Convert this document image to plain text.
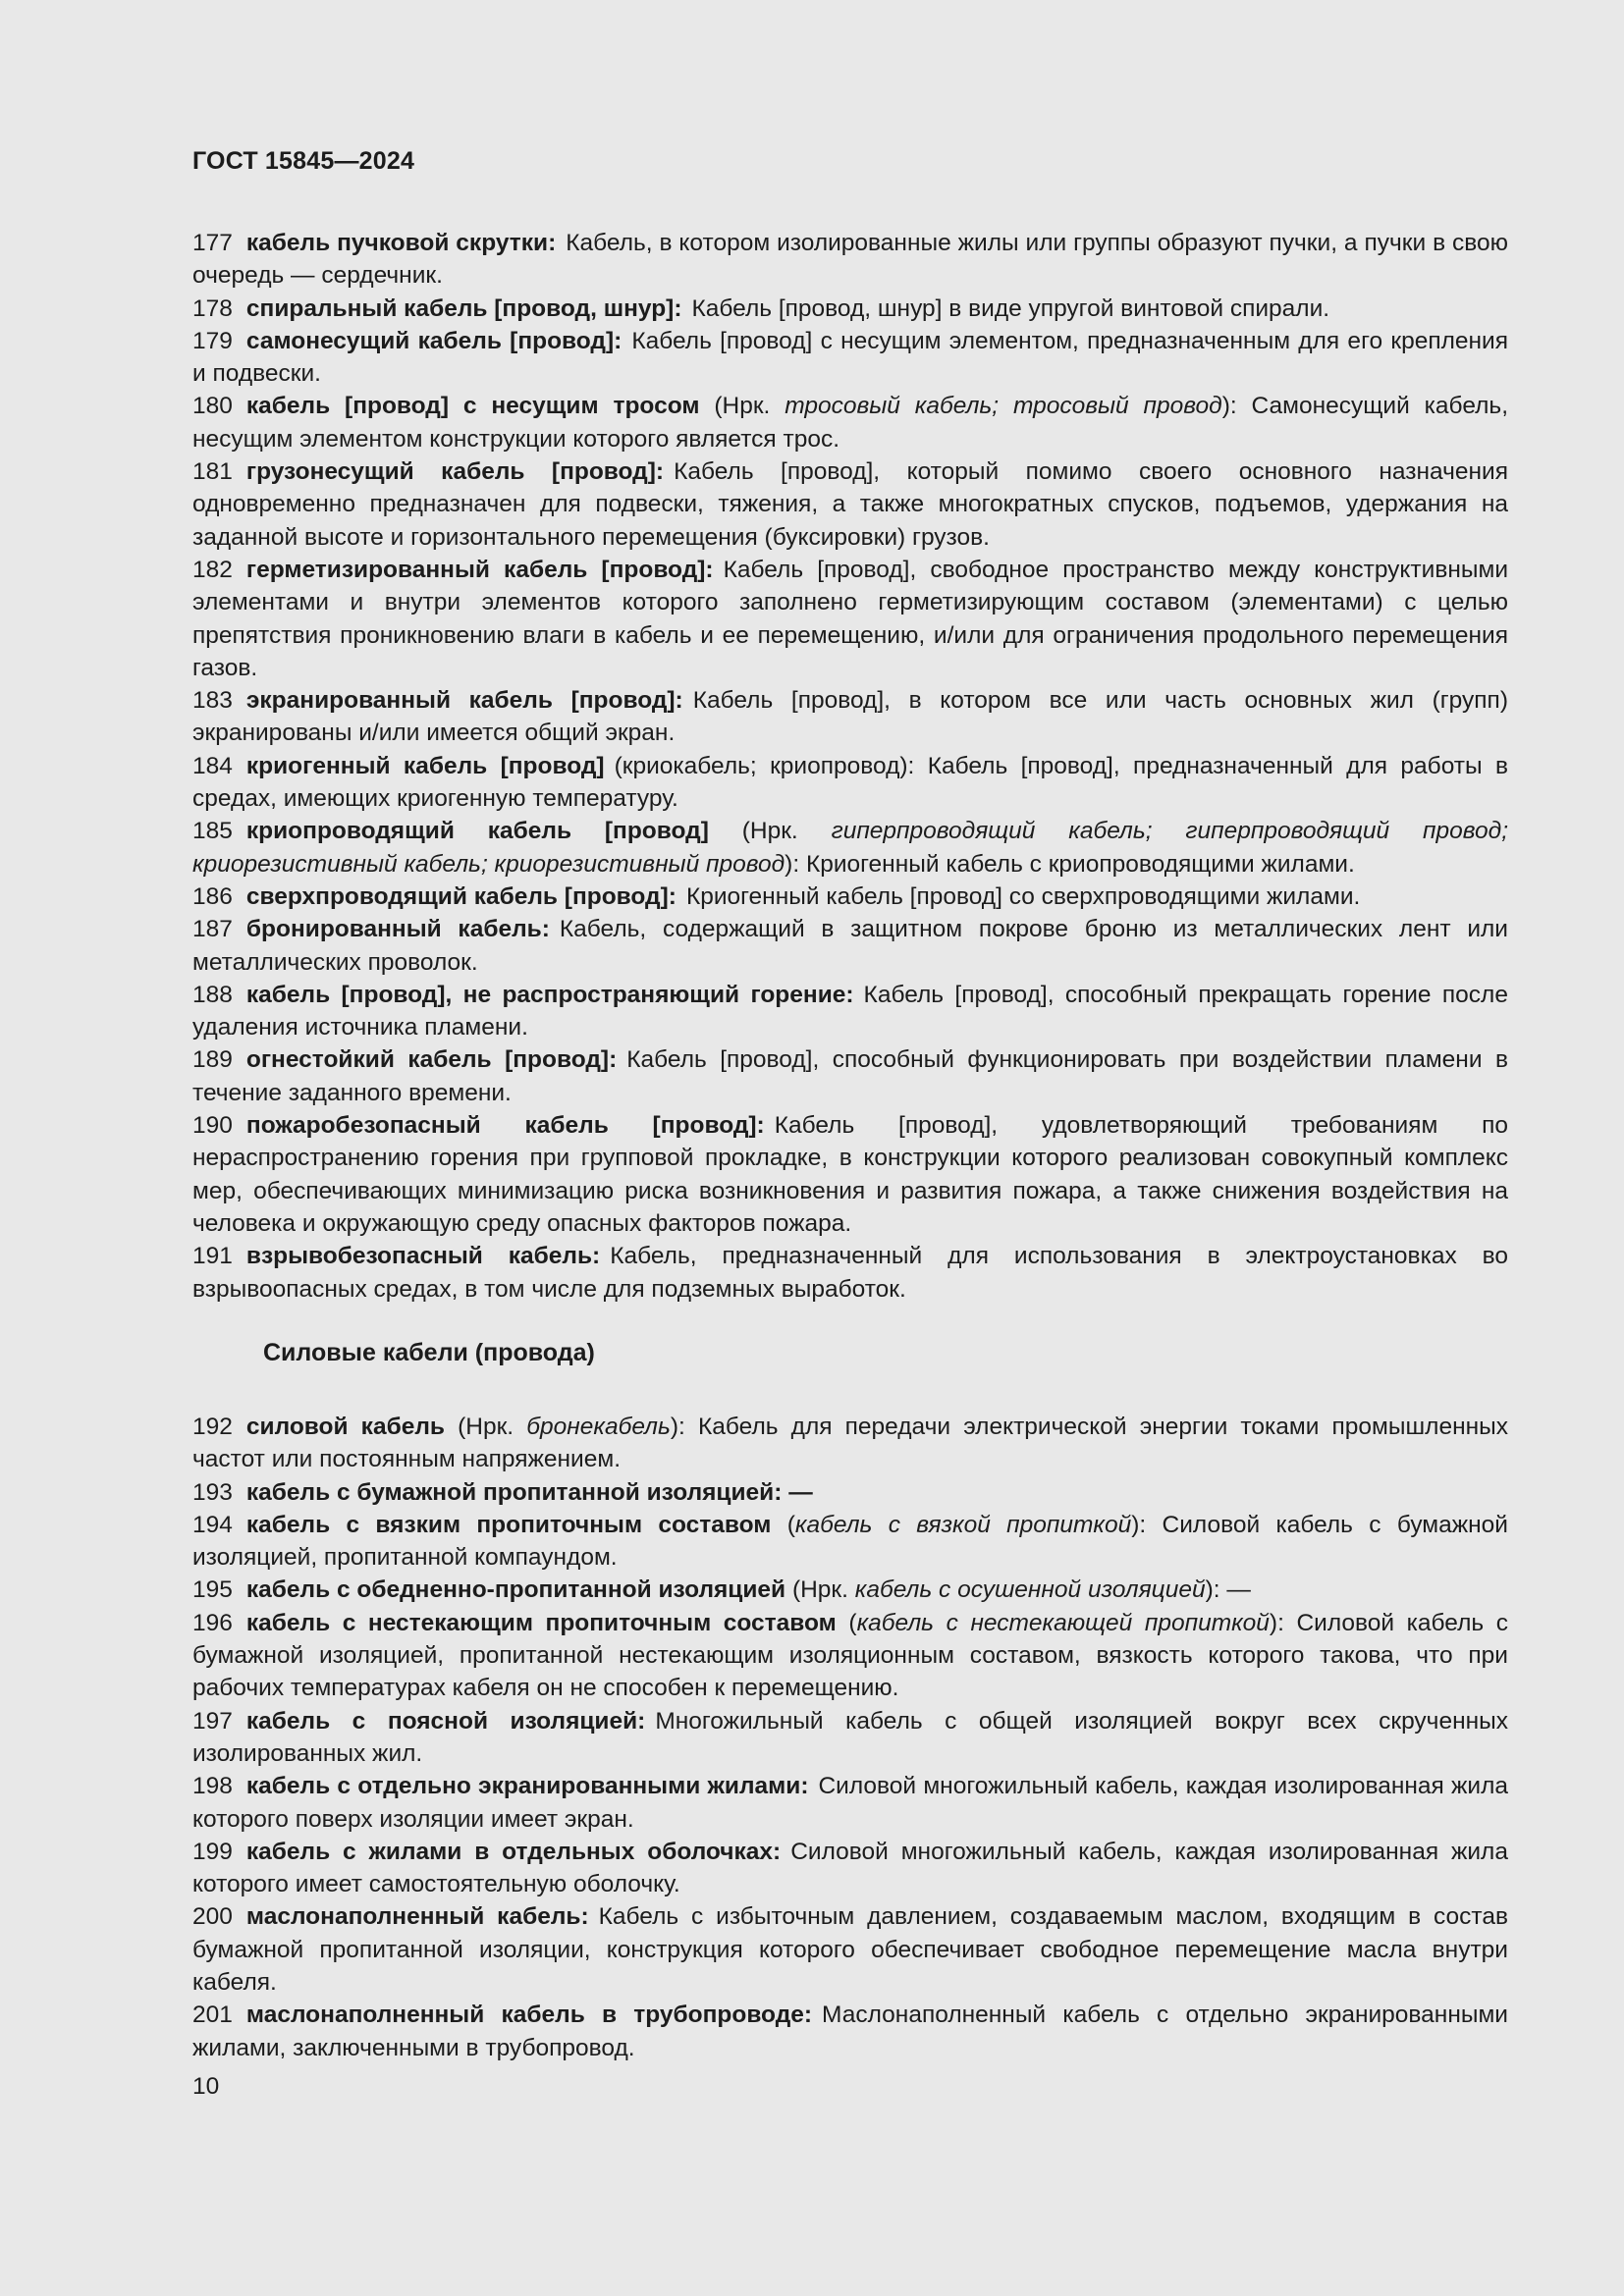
ГОСТ 15845—2024

177 кабель пучковой скрутки: Кабель, в котором изолированные жилы или группы образуют пучки, а пучки в свою очередь — сердечник.

178 спиральный кабель [провод, шнур]: Кабель [провод, шнур] в виде упругой винтовой спирали.

179 самонесущий кабель [провод]: Кабель [провод] с несущим элементом, предназначенным для его крепления и подвески.

180 кабель [провод] с несущим тросом (Нрк. тросовый кабель; тросовый провод): Самонесущий кабель, несущим элементом конструкции которого является трос.

181 грузонесущий кабель [провод]: Кабель [провод], который помимо своего основного назначения одновременно предназначен для подвески, тяжения, а также многократных спусков, подъемов, удержания на заданной высоте и горизонтального перемещения (буксировки) грузов.

182 герметизированный кабель [провод]: Кабель [провод], свободное пространство между конструктивными элементами и внутри элементов которого заполнено герметизирующим составом (элементами) с целью препятствия проникновению влаги в кабель и ее перемещению, и/или для ограничения продольного перемещения газов.

183 экранированный кабель [провод]: Кабель [провод], в котором все или часть основных жил (групп) экранированы и/или имеется общий экран.

184 криогенный кабель [провод] (криокабель; криопровод): Кабель [провод], предназначенный для работы в средах, имеющих криогенную температуру.

185 криопроводящий кабель [провод] (Нрк. гиперпроводящий кабель; гиперпроводящий провод; криорезистивный кабель; криорезистивный провод): Криогенный кабель с криопроводящими жилами.

186 сверхпроводящий кабель [провод]: Криогенный кабель [провод] со сверхпроводящими жилами.

187 бронированный кабель: Кабель, содержащий в защитном покрове броню из металлических лент или металлических проволок.

188 кабель [провод], не распространяющий горение: Кабель [провод], способный прекращать горение после удаления источника пламени.

189 огнестойкий кабель [провод]: Кабель [провод], способный функционировать при воздействии пламени в течение заданного времени.

190 пожаробезопасный кабель [провод]: Кабель [провод], удовлетворяющий требованиям по нераспространению горения при групповой прокладке, в конструкции которого реализован совокупный комплекс мер, обеспечивающих минимизацию риска возникновения и развития пожара, а также снижения воздействия на человека и окружающую среду опасных факторов пожара.

191 взрывобезопасный кабель: Кабель, предназначенный для использования в электроустановках во взрывоопасных средах, в том числе для подземных выработок.

Силовые кабели (провода)

192 силовой кабель (Нрк. бронекабель): Кабель для передачи электрической энергии токами промышленных частот или постоянным напряжением.

193 кабель с бумажной пропитанной изоляцией: —

194 кабель с вязким пропиточным составом (кабель с вязкой пропиткой): Силовой кабель с бумажной изоляцией, пропитанной компаундом.

195 кабель с обедненно-пропитанной изоляцией (Нрк. кабель с осушенной изоляцией): —

196 кабель с нестекающим пропиточным составом (кабель с нестекающей пропиткой): Силовой кабель с бумажной изоляцией, пропитанной нестекающим изоляционным составом, вязкость которого такова, что при рабочих температурах кабеля он не способен к перемещению.

197 кабель с поясной изоляцией: Многожильный кабель с общей изоляцией вокруг всех скрученных изолированных жил.

198 кабель с отдельно экранированными жилами: Силовой многожильный кабель, каждая изолированная жила которого поверх изоляции имеет экран.

199 кабель с жилами в отдельных оболочках: Силовой многожильный кабель, каждая изолированная жила которого имеет самостоятельную оболочку.

200 маслонаполненный кабель: Кабель с избыточным давлением, создаваемым маслом, входящим в состав бумажной пропитанной изоляции, конструкция которого обеспечивает свободное перемещение масла внутри кабеля.

201 маслонаполненный кабель в трубопроводе: Маслонаполненный кабель с отдельно экранированными жилами, заключенными в трубопровод.

10
